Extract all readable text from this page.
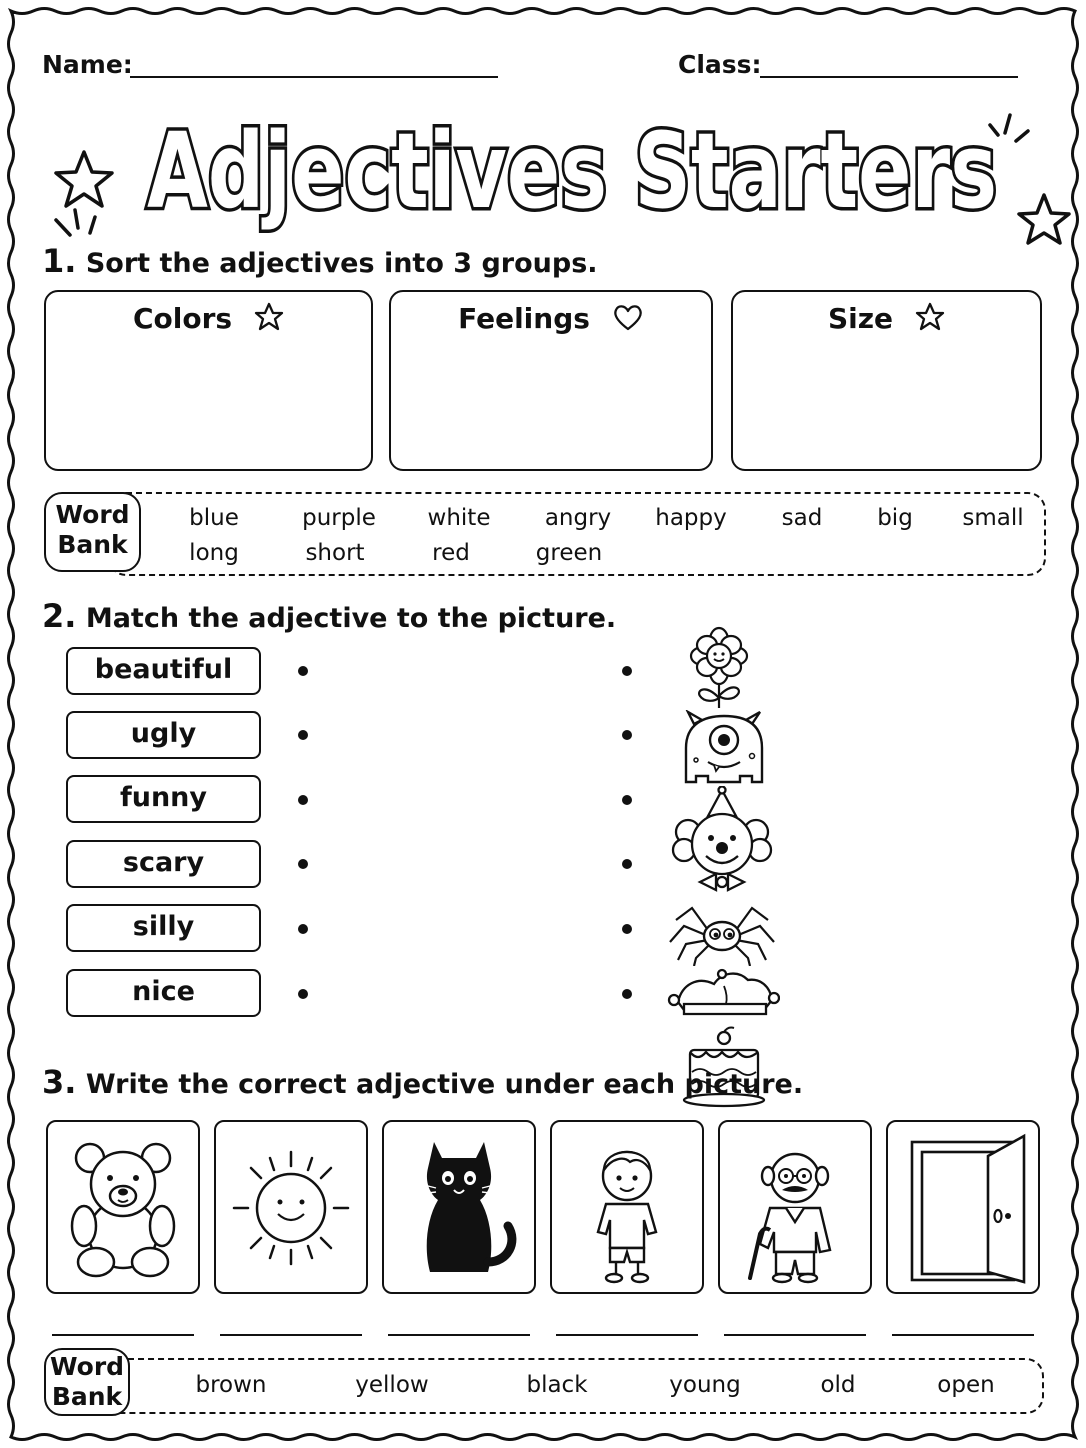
Name:	Class:
Adjectives Starters
1. Sort the adjectives into 3 groups.
Colors	Feelings	Size
Word
Bank
blue	purple white angry happy sad big small
long	short	red	green
2. Match the adjective to the picture.
beautiful
ugly
funny
scary
silly
nice
3. Write the correct adjective under each picture.
Word
Bank	brown	yellow	black	young	old	open
